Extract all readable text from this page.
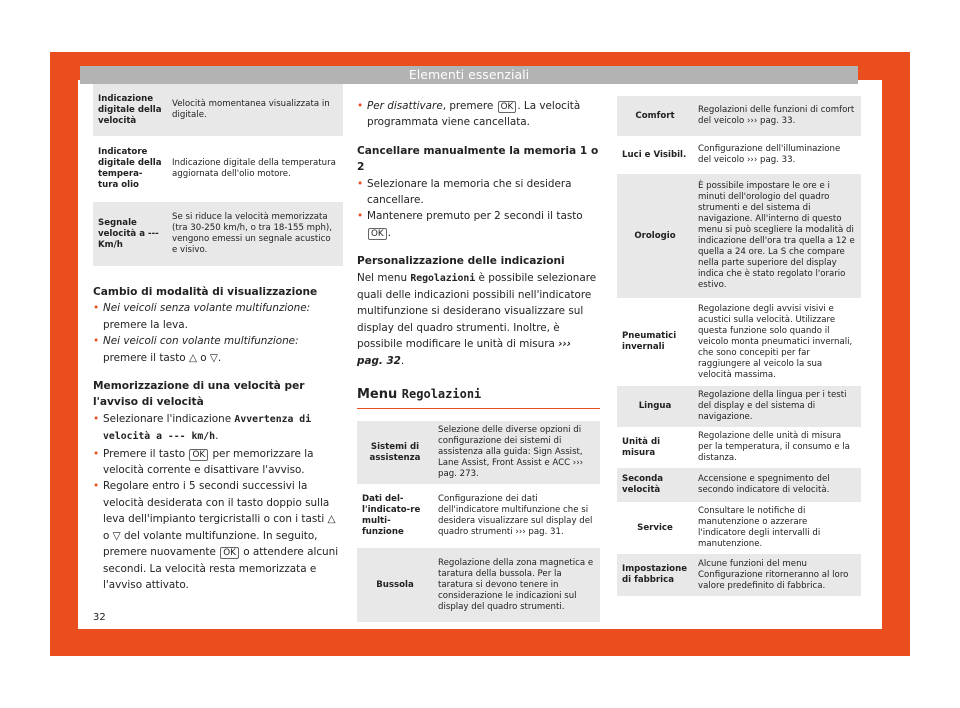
Elementi essenziali
Indicazione digitale della velocità	Velocità momentanea visualizzata in digitale.
Indicatore digitale della tempera-tura olio	Indicazione digitale della temperatura aggiornata dell'olio motore.
Segnale velocità a --- Km/h	Se si riduce la velocità memorizzata (tra 30-250 km/h, o tra 18-155 mph), vengono emessi un segnale acustico e visivo.
Cambio di modalità di visualizzazione
• Nei veicoli senza volante multifunzione: premere la leva.
• Nei veicoli con volante multifunzione: premere il tasto △ o ▽.
Memorizzazione di una velocità per l'avviso di velocità
• Selezionare l'indicazione Avvertenza di velocità a --- km/h.
• Premere il tasto OK per memorizzare la velocità corrente e disattivare l'avviso.
• Regolare entro i 5 secondi successivi la velocità desiderata con il tasto doppio sulla leva dell'impianto tergicristalli o con i tasti △ o ▽ del volante multifunzione. In seguito, premere nuovamente OK o attendere alcuni secondi. La velocità resta memorizzata e l'avviso attivato.
• Per disattivare, premere OK . La velocità programmata viene cancellata.
Cancellare manualmente la memoria 1 o 2
• Selezionare la memoria che si desidera cancellare.
• Mantenere premuto per 2 secondi il tasto OK .
Personalizzazione delle indicazioni
Nel menu Regolazioni è possibile selezionare quali delle indicazioni possibili nell'indicatore multifunzione si desiderano visualizzare sul display del quadro strumenti. Inoltre, è possibile modificare le unità di misura ››› pag. 32.
Menu Regolazioni
Sistemi di assistenza	Selezione delle diverse opzioni di configurazione dei sistemi di assistenza alla guida: Sign Assist, Lane Assist, Front Assist e ACC ››› pag. 273.
Dati del-l'indicato-re multi-funzione	Configurazione dei dati dell'indicatore multifunzione che si desidera visualizzare sul display del quadro strumenti ››› pag. 31.
Bussola	Regolazione della zona magnetica e taratura della bussola. Per la taratura si devono tenere in considerazione le indicazioni sul display del quadro strumenti.
Comfort	Regolazioni delle funzioni di comfort del veicolo ››› pag. 33.
Luci e Visibil.	Configurazione dell'illuminazione del veicolo ››› pag. 33.
Orologio	È possibile impostare le ore e i minuti dell'orologio del quadro strumenti e del sistema di navigazione. All'interno di questo menu si può scegliere la modalità di indicazione dell'ora tra quella a 12 e quella a 24 ore. La S che compare nella parte superiore del display indica che è stato regolato l'orario estivo.
Pneumatici invernali	Regolazione degli avvisi visivi e acustici sulla velocità. Utilizzare questa funzione solo quando il veicolo monta pneumatici invernali, che sono concepiti per far raggiungere al veicolo la sua velocità massima.
Lingua	Regolazione della lingua per i testi del display e del sistema di navigazione.
Unità di misura	Regolazione delle unità di misura per la temperatura, il consumo e la distanza.
Seconda velocità	Accensione e spegnimento del secondo indicatore di velocità.
Service	Consultare le notifiche di manutenzione o azzerare l'indicatore degli intervalli di manutenzione.
Impostazione di fabbrica	Alcune funzioni del menu Configurazione ritorneranno al loro valore predefinito di fabbrica.
32
